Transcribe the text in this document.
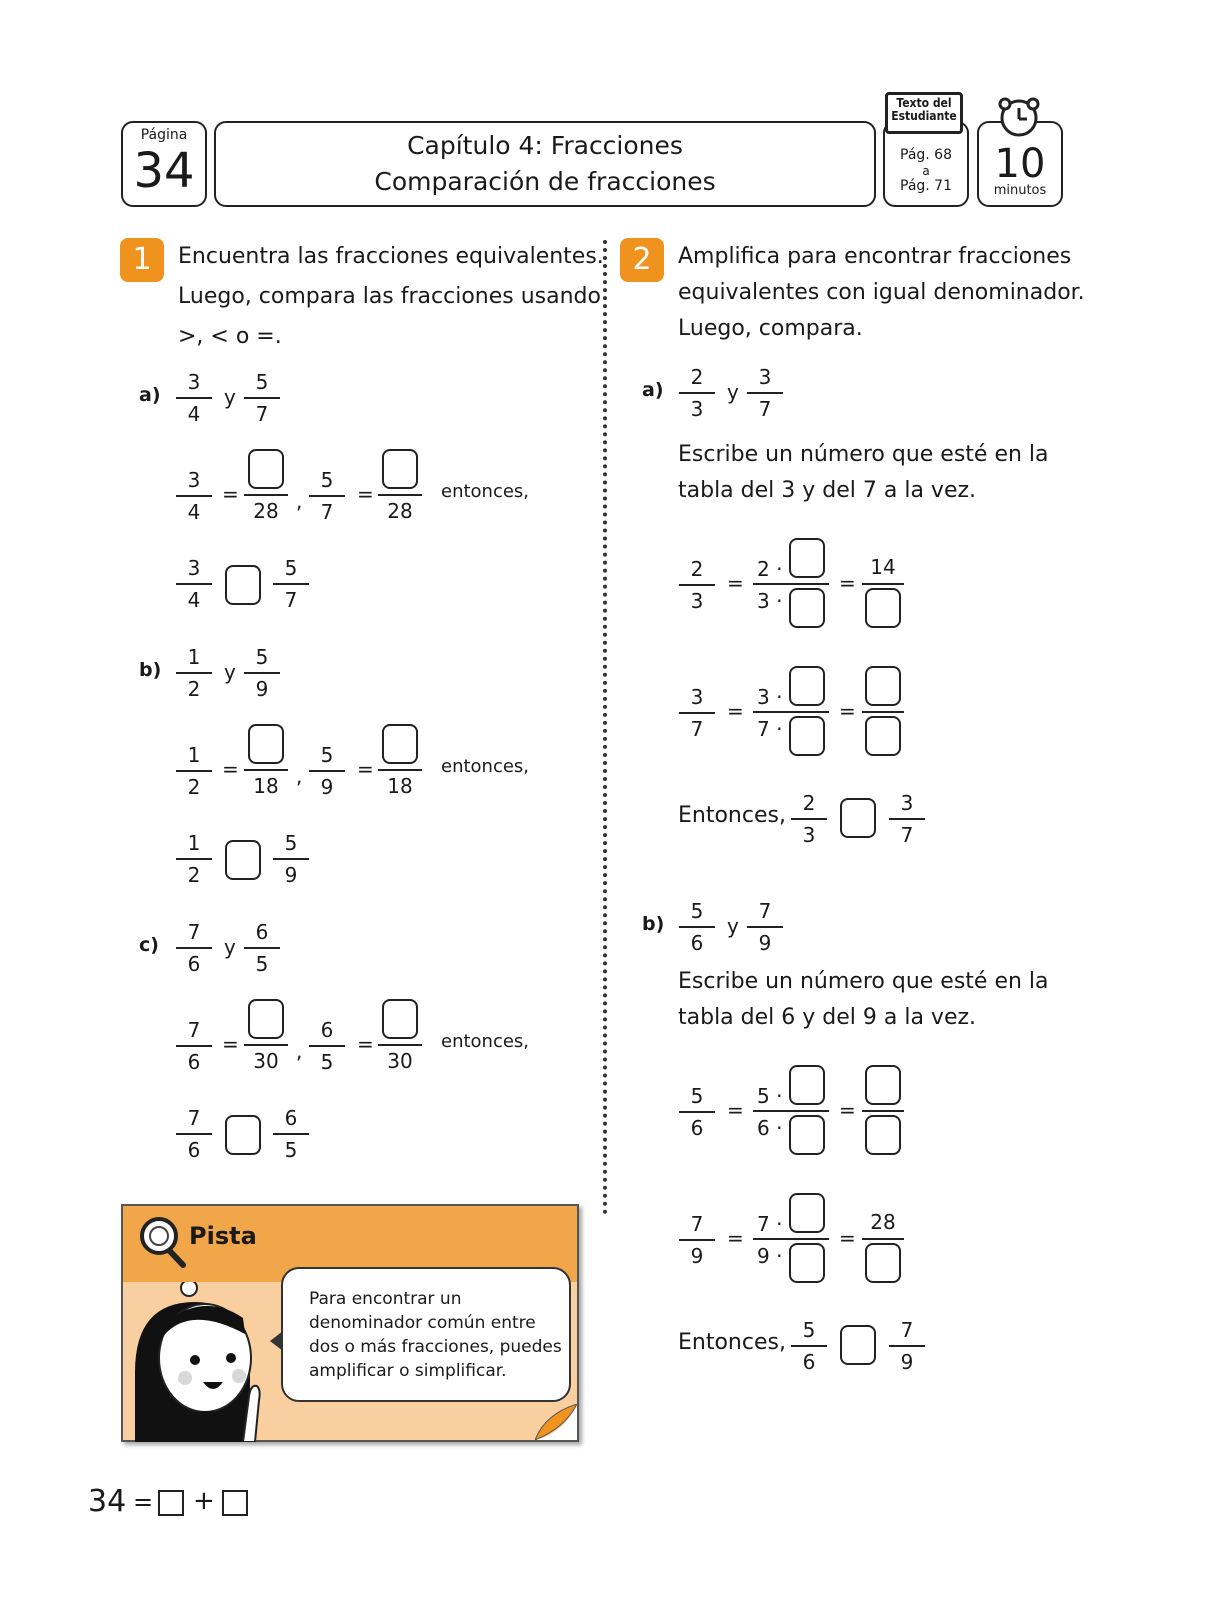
Página
34	Capítulo 4: Fracciones
Comparación de fracciones
Pág. 68
a
Pág. 71
Texto del Estudiante
10
minutos
1	Encuentra las fracciones equivalentes.
Luego, compara las fracciones usando
>, < o =.
a)
3
4
y
5
7
3
4
=
28 ,
5
7
=
28
entonces,
3
4
5
7
b)
1
2
y
5
9
1
2
=
18 ,
5
9
=
18
entonces,
1
2
5
9
c)
7
6
y
6
5
7
6
=
30 ,
6
5
=
30
entonces,
7
6
6
5
2	Amplifica para encontrar fracciones
equivalentes con igual denominador.
Luego, compara.
a)
2
3
y
3
7
Escribe un número que esté en la
tabla del 3 y del 7 a la vez.
2
3
=
2 ·
3 ·
=
14
3
7
=
3 ·
7 ·
=
Entonces, 2
3
3
7
b)
5
6
y
7
9
Escribe un número que esté en la
tabla del 6 y del 9 a la vez.
5
6
=
5 ·
6 ·
=
7
9
=
7 ·
9 ·
=
28
Entonces, 5
6
7
9
Pista
Para encontrar un
denominador común entre
dos o más fracciones, puedes
amplificar o simplificar.
34 = +
